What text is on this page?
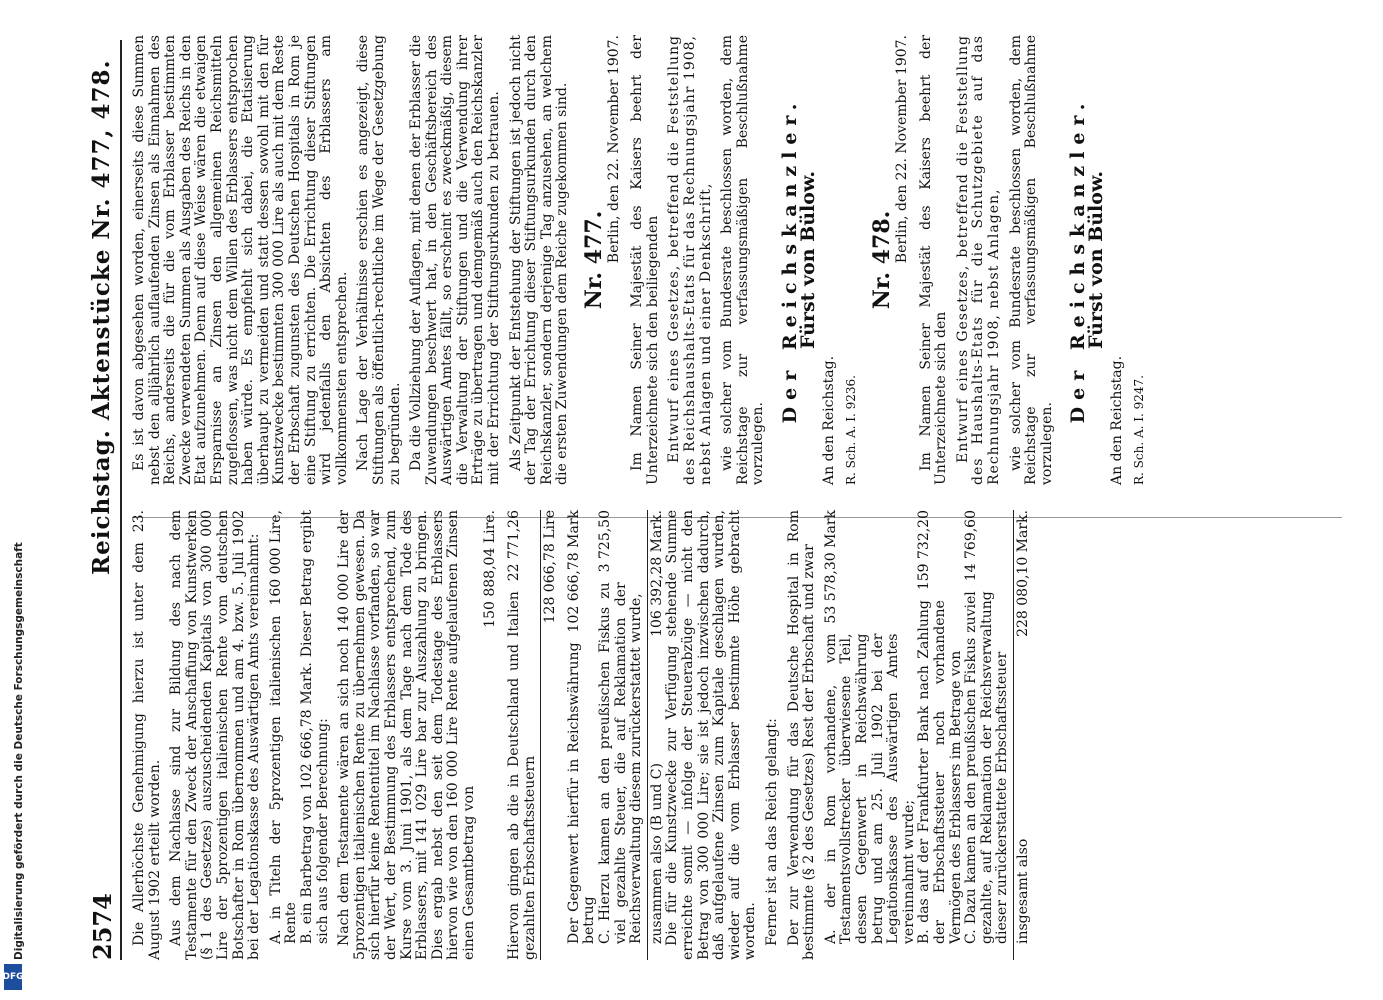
Digitalisierung gefördert durch die Deutsche Forschungsgemeinschaft
DFG
2574
Reichstag. Aktenstücke Nr. 477, 478.

Die Allerhöchste Genehmigung hierzu ist unter dem 23. August 1902 erteilt worden. Aus dem Nachlasse sind zur Bildung des nach dem Testamente für den Zweck der Anschaffung von Kunstwerken (§ 1 des Gesetzes) auszuscheidenden Kapitals von 300 000 Lire der 5prozentigen italienischen Rente vom deutschen Botschafter in Rom übernommen und am 4. bzw. 5. Juli 1902 bei der Legationskasse des Auswärtigen Amts vereinnahmt: A. in Titeln der 5prozentigen italienischen Rente
160 000 Lire,	B. ein Barbetrag von 102 666,78 Mark. Dieser Betrag ergibt sich aus folgender Berechnung: Nach dem Testamente wären an sich noch 140 000 Lire der 5prozentigen italienischen Rente zu übernehmen gewesen. Da sich hierfür keine Rententitel im Nachlasse vorfanden, so war der Wert, der Bestimmung des Erblassers entsprechend, zum Kurse vom 3. Juni 1901, als dem Tage nach dem Tode des Erblassers, mit 141 029 Lire bar zur Auszahlung zu bringen. Dies ergab nebst den seit dem Todestage des Erblassers hiervon wie von den 160 000 Lire Rente aufgelaufenen Zinsen einen Gesamtbetrag von

150 888,04 Lire.

Hiervon gingen ab die in Deutschland und Italien gezahlten Erbschaftssteuern
22 771,26	128 066,78 Lire

Der Gegenwert hierfür in Reichswährung betrug
102 666,78 Mark
C. Hierzu kamen an den preußischen Fiskus zu viel gezahlte Steuer, die auf Reklamation der Reichsverwaltung diesem zurückerstattet wurde,
3 725,50
zusammen also (B und C)
106 392,28 Mark. Die für die Kunstzwecke zur Verfügung stehende Summe erreichte somit — infolge der Steuerabzüge — nicht den Betrag von 300 000 Lire; sie ist jedoch inzwischen dadurch, daß aufgelaufene Zinsen zum Kapitale geschlagen wurden, wieder auf die vom Erblasser bestimmte Höhe gebracht worden. Ferner ist an das Reich gelangt: Der zur Verwendung für das Deutsche Hospital in Rom bestimmte (§ 2 des Gesetzes) Rest der Erbschaft und zwar A. der in Rom vorhandene, vom Testamentsvollstrecker überwiesene Teil, dessen Gegenwert in Reichswährung betrug und am 25. Juli 1902 bei der Legationskasse des Auswärtigen Amtes vereinnahmt wurde;
53 578,30 Mark
B. das auf der Frankfurter Bank nach Zahlung der Erbschaftssteuer noch vorhandene Vermögen des Erblassers im Betrage von
159 732,20
C. Dazu kamen an den preußischen Fiskus zuviel gezahlte, auf Reklamation der Reichsverwaltung dieser zurückerstattete Erbschaftssteuer
14 769,60
insgesamt also
228 080,10 Mark.

Es ist davon abgesehen worden, einerseits diese Summen nebst den alljährlich auflaufenden Zinsen als Einnahmen des Reichs, anderseits die für die vom Erblasser bestimmten Zwecke verwendeten Summen als Ausgaben des Reichs in den Etat aufzunehmen. Denn auf diese Weise wären die etwaigen Ersparnisse an Zinsen den allgemeinen Reichsmitteln zugeflossen, was nicht dem Willen des Erblassers entsprochen haben würde. Es empfiehlt sich dabei, die Etatisierung überhaupt zu vermeiden und statt dessen sowohl mit den für Kunstzwecke bestimmten 300 000 Lire als auch mit dem Reste der Erbschaft zugunsten des Deutschen Hospitals in Rom je eine Stiftung zu errichten. Die Errichtung dieser Stiftungen wird jedenfalls den Absichten des Erblassers am vollkommensten entsprechen. Nach Lage der Verhältnisse erschien es angezeigt, diese Stiftungen als öffentlich-rechtliche im Wege der Gesetzgebung zu begründen. Da die Vollziehung der Auflagen, mit denen der Erblasser die Zuwendungen beschwert hat, in den Geschäftsbereich des Auswärtigen Amtes fällt, so erscheint es zweckmäßig, diesem die Verwaltung der Stiftungen und die Verwendung ihrer Erträge zu übertragen und demgemäß auch den Reichskanzler mit der Errichtung der Stiftungsurkunden zu betrauen. Als Zeitpunkt der Entstehung der Stiftungen ist jedoch nicht der Tag der Errichtung dieser Stiftungsurkunden durch den Reichskanzler, sondern derjenige Tag anzusehen, an welchem die ersten Zuwendungen dem Reiche zugekommen sind. Nr. 477.

Berlin, den 22. November 1907. Im Namen Seiner Majestät des Kaisers beehrt der Unterzeichnete sich den beiliegenden Entwurf eines Gesetzes, betreffend die Feststellung des Reichshaushalts-Etats für das Rechnungsjahr 1908, nebst Anlagen und einer Denkschrift, wie solcher vom Bundesrate beschlossen worden, dem Reichstage zur verfassungsmäßigen Beschlußnahme vorzulegen.

Der Reichskanzler.

Fürst von Bülow.

An den Reichstag. R. Sch. A. I. 9236.

Nr. 478.

Berlin, den 22. November 1907. Im Namen Seiner Majestät des Kaisers beehrt der Unterzeichnete sich den Entwurf eines Gesetzes, betreffend die Feststellung des Haushalts-Etats für die Schutzgebiete auf das Rechnungsjahr 1908, nebst Anlagen, wie solcher vom Bundesrate beschlossen worden, dem Reichstage zur verfassungsmäßigen Beschlußnahme vorzulegen.

Der Reichskanzler.

Fürst von Bülow.

An den Reichstag. R. Sch. A. I. 9247.
